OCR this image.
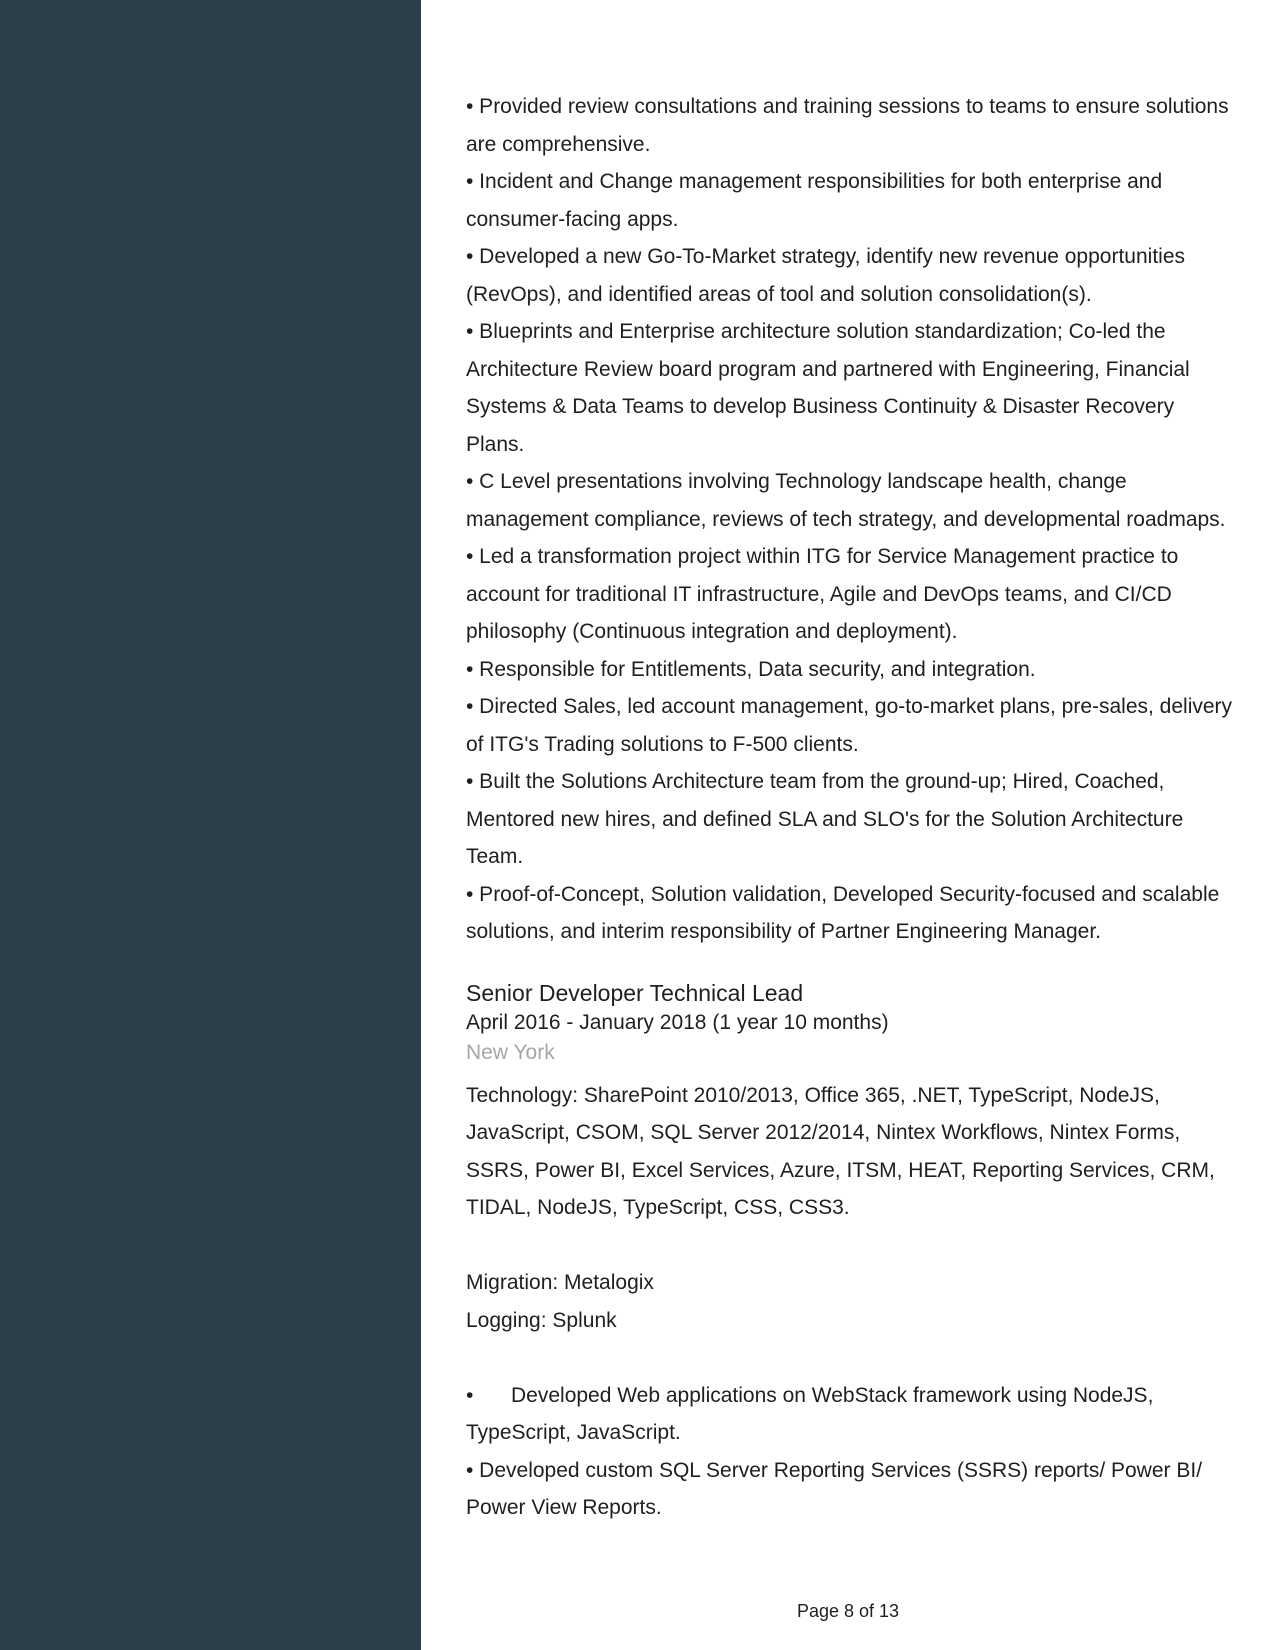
• Provided review consultations and training sessions to teams to ensure solutions are comprehensive.

• Incident and Change management responsibilities for both enterprise and consumer-facing apps.

• Developed a new Go-To-Market strategy, identify new revenue opportunities (RevOps), and identified areas of tool and solution consolidation(s).

• Blueprints and Enterprise architecture solution standardization; Co-led the Architecture Review board program and partnered with Engineering, Financial Systems & Data Teams to develop Business Continuity & Disaster Recovery Plans.

• C Level presentations involving Technology landscape health, change management compliance, reviews of tech strategy, and developmental roadmaps.

• Led a transformation project within ITG for Service Management practice to account for traditional IT infrastructure, Agile and DevOps teams, and CI/CD philosophy (Continuous integration and deployment).

• Responsible for Entitlements, Data security, and integration.

• Directed Sales, led account management, go-to-market plans, pre-sales, delivery of ITG's Trading solutions to F-500 clients.

• Built the Solutions Architecture team from the ground-up; Hired, Coached, Mentored new hires, and defined SLA and SLO's for the Solution Architecture Team.

• Proof-of-Concept, Solution validation, Developed Security-focused and scalable solutions, and interim responsibility of Partner Engineering Manager.

Senior Developer Technical Lead

April 2016 - January 2018 (1 year 10 months)

New York

Technology: SharePoint 2010/2013, Office 365, .NET, TypeScript, NodeJS, JavaScript, CSOM, SQL Server 2012/2014, Nintex Workflows, Nintex Forms, SSRS, Power BI, Excel Services, Azure, ITSM, HEAT, Reporting Services, CRM, TIDAL, NodeJS, TypeScript, CSS, CSS3.

Migration: Metalogix

Logging: Splunk

• Developed Web applications on WebStack framework using NodeJS, TypeScript, JavaScript.

• Developed custom SQL Server Reporting Services (SSRS) reports/ Power BI/ Power View Reports.

Page 8 of 13
